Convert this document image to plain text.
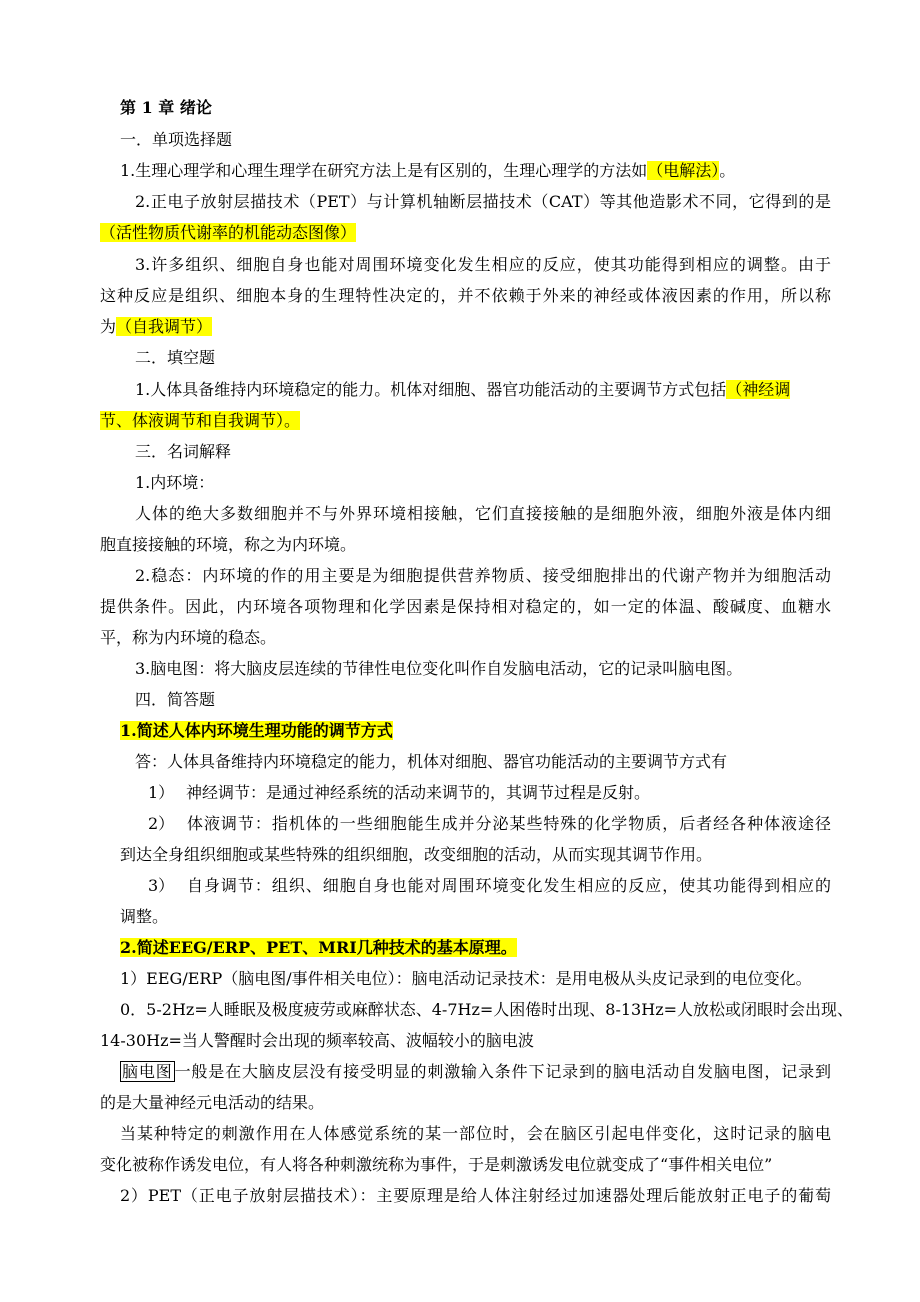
第 1 章 绪论
一．单项选择题
1.生理心理学和心理生理学在研究方法上是有区别的，生理心理学的方法如（电解法）。
2.正电子放射层描技术（PET）与计算机轴断层描技术（CAT）等其他造影术不同，它得到的是
（活性物质代谢率的机能动态图像）
3.许多组织、细胞自身也能对周围环境变化发生相应的反应，使其功能得到相应的调整。由于
这种反应是组织、细胞本身的生理特性决定的，并不依赖于外来的神经或体液因素的作用，所以称
为（自我调节）
二．填空题
1.人体具备维持内环境稳定的能力。机体对细胞、器官功能活动的主要调节方式包括（神经调
节、体液调节和自我调节）。
三．名词解释
1.内环境：
人体的绝大多数细胞并不与外界环境相接触，它们直接接触的是细胞外液，细胞外液是体内细
胞直接接触的环境，称之为内环境。
2.稳态：内环境的作的用主要是为细胞提供营养物质、接受细胞排出的代谢产物并为细胞活动
提供条件。因此，内环境各项物理和化学因素是保持相对稳定的，如一定的体温、酸碱度、血糖水
平，称为内环境的稳态。
3.脑电图：将大脑皮层连续的节律性电位变化叫作自发脑电活动，它的记录叫脑电图。
四．简答题
1.简述人体内环境生理功能的调节方式
答：人体具备维持内环境稳定的能力，机体对细胞、器官功能活动的主要调节方式有
1） 神经调节：是通过神经系统的活动来调节的，其调节过程是反射。
2） 体液调节：指机体的一些细胞能生成并分泌某些特殊的化学物质，后者经各种体液途径
到达全身组织细胞或某些特殊的组织细胞，改变细胞的活动，从而实现其调节作用。
3） 自身调节：组织、细胞自身也能对周围环境变化发生相应的反应，使其功能得到相应的
调整。
2.简述EEG/ERP、PET、MRI几种技术的基本原理。
1）EEG/ERP（脑电图/事件相关电位）：脑电活动记录技术：是用电极从头皮记录到的电位变化。
0．5-2Hz=人睡眠及极度疲劳或麻醉状态、4-7Hz=人困倦时出现、8-13Hz=人放松或闭眼时会出现、
14-30Hz=当人警醒时会出现的频率较高、波幅较小的脑电波
脑电图 一般是在大脑皮层没有接受明显的刺激输入条件下记录到的脑电活动自发脑电图，记录到
的是大量神经元电活动的结果。
当某种特定的刺激作用在人体感觉系统的某一部位时，会在脑区引起电伴变化，这时记录的脑电
变化被称作诱发电位，有人将各种刺激统称为事件，于是刺激诱发电位就变成了“事件相关电位”
2）PET（正电子放射层描技术）：主要原理是给人体注射经过加速器处理后能放射正电子的葡萄
